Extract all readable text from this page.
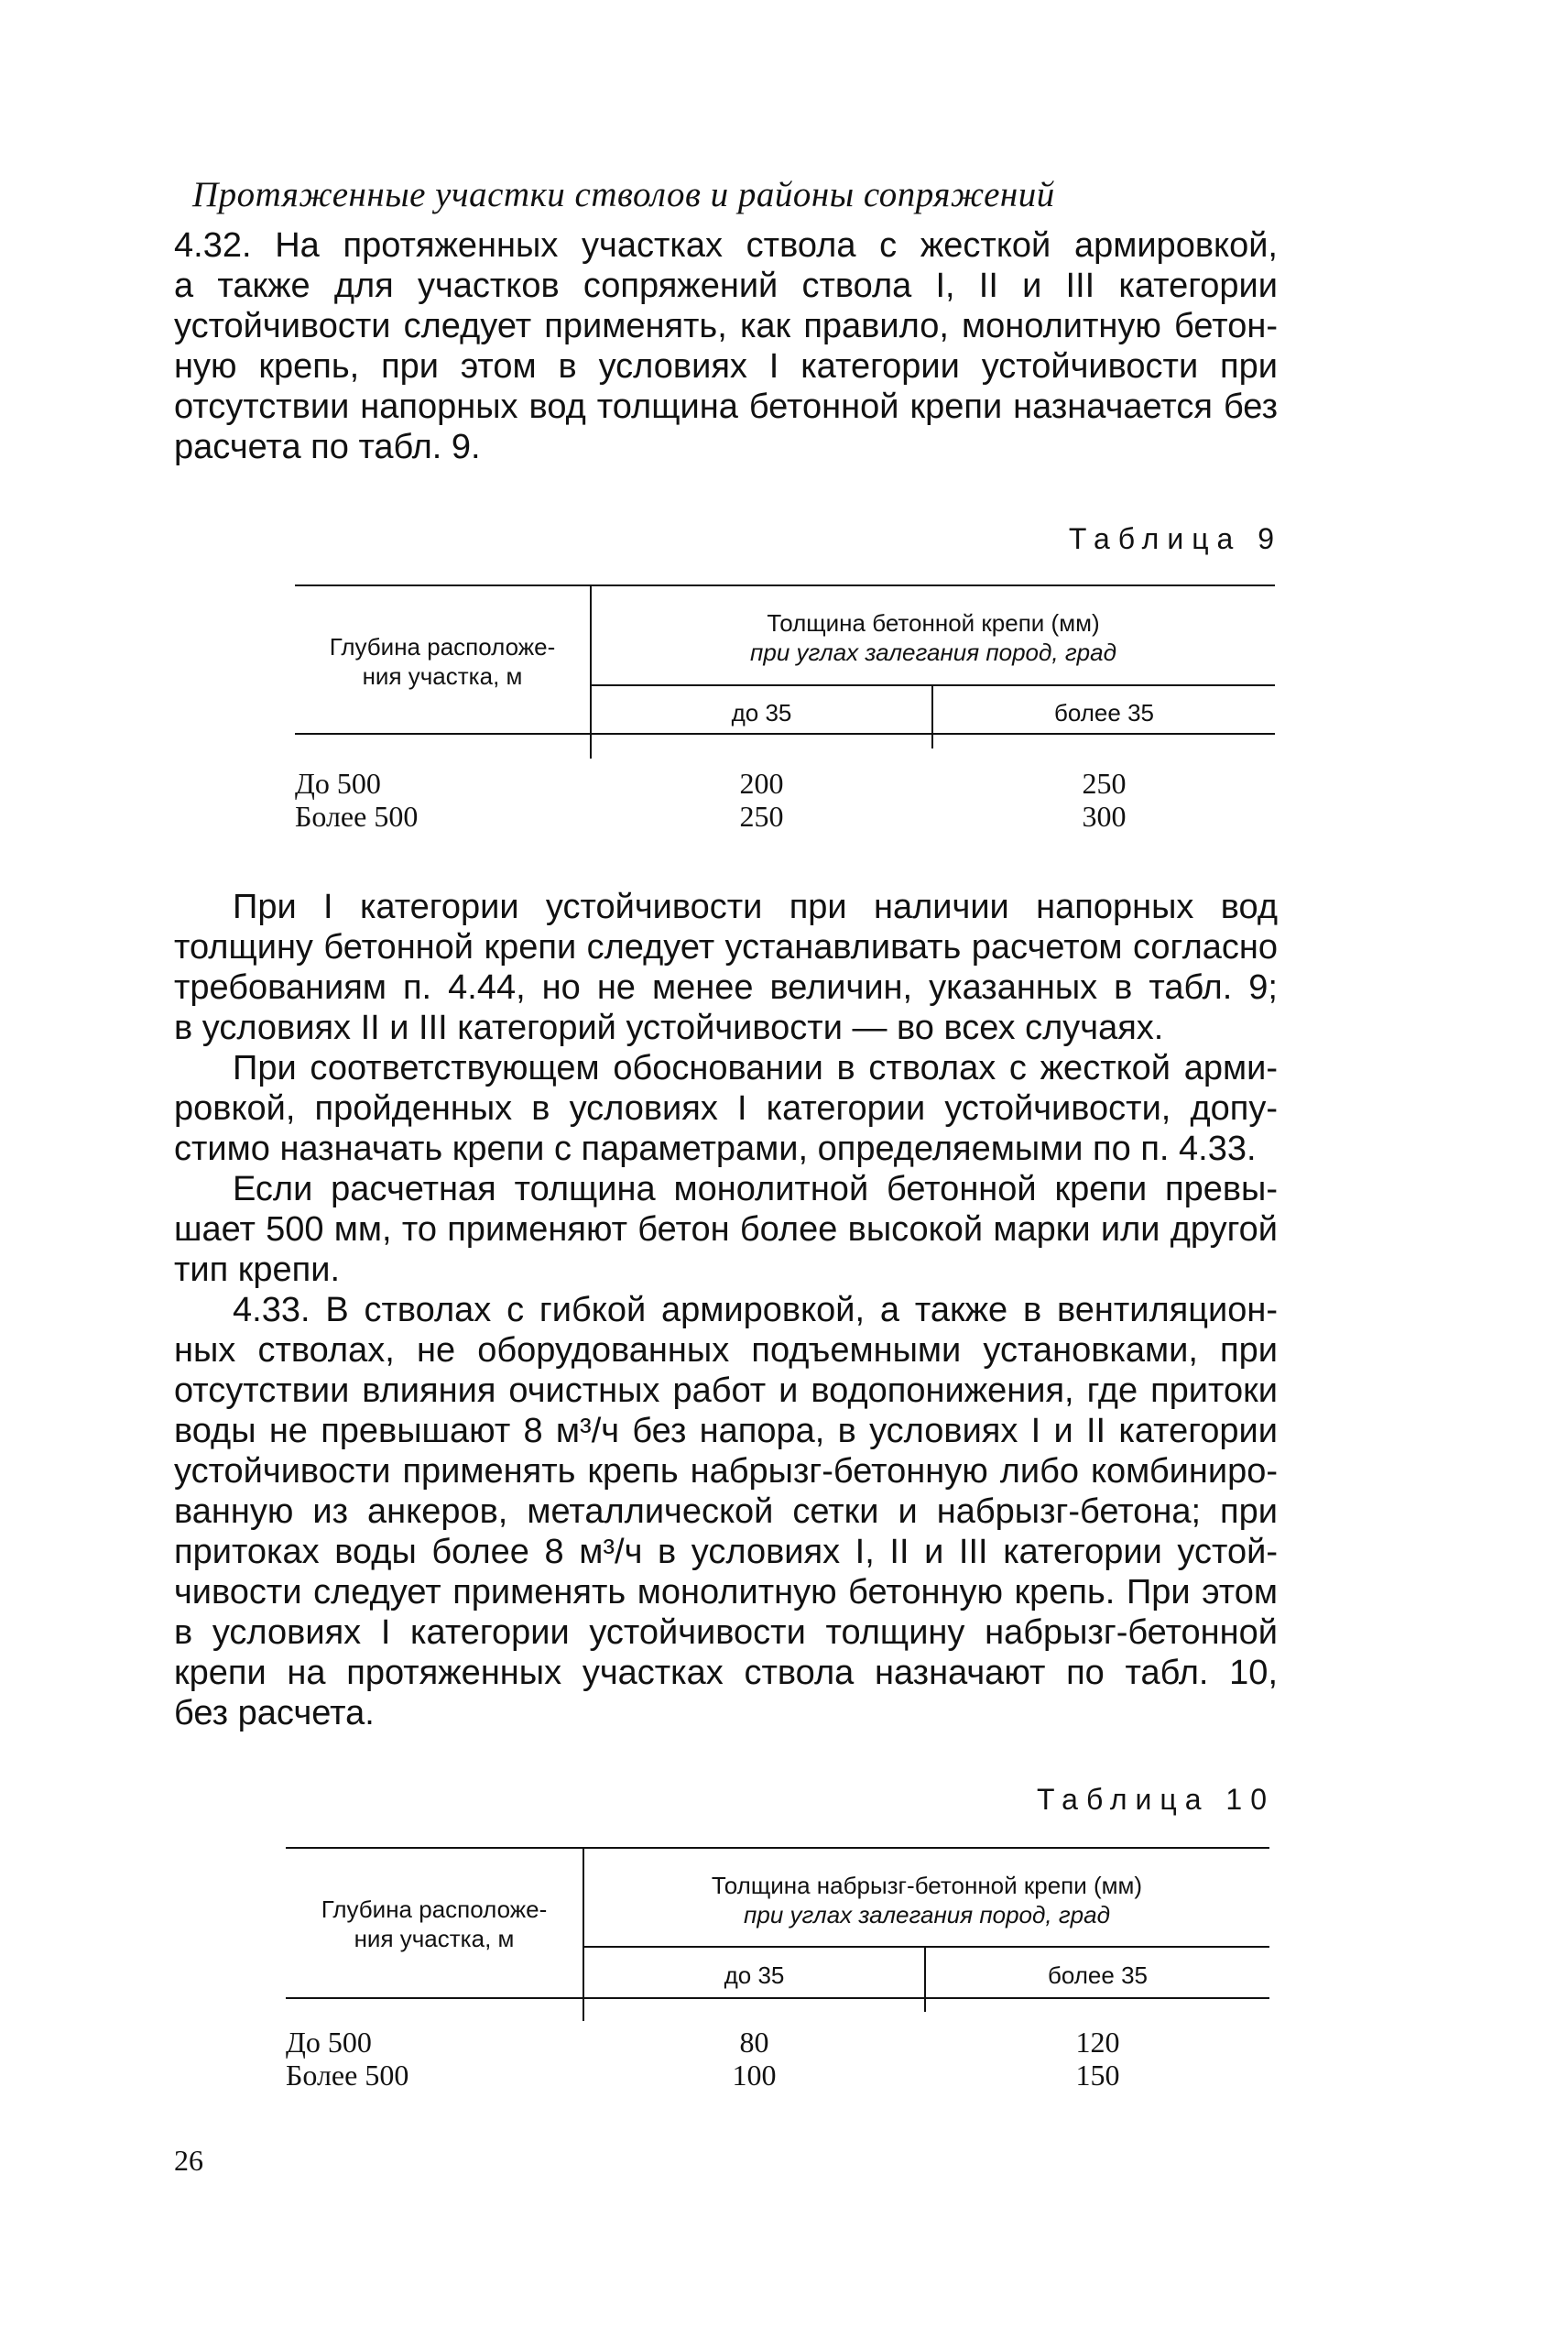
Протяженные участки стволов и районы сопряжений
4.32. На протяженных участках ствола с жесткой армировкой,
а также для участков сопряжений ствола I, II и III категории
устойчивости следует применять, как правило, монолитную бетон-
ную крепь, при этом в условиях I категории устойчивости при
отсутствии напорных вод толщина бетонной крепи назначается без
расчета по табл. 9.
Таблица 9
Глубина расположе-
ния участка, м
Толщина бетонной крепи (мм)
при углах залегания пород, град
до 35	более 35
До 500	200	250
Более 500	250	300
При I категории устойчивости при наличии напорных вод
толщину бетонной крепи следует устанавливать расчетом согласно
требованиям п. 4.44, но не менее величин, указанных в табл. 9;
в условиях II и III категорий устойчивости — во всех случаях.
При соответствующем обосновании в стволах с жесткой арми-
ровкой, пройденных в условиях I категории устойчивости, допу-
стимо назначать крепи с параметрами, определяемыми по п. 4.33.
Если расчетная толщина монолитной бетонной крепи превы-
шает 500 мм, то применяют бетон более высокой марки или другой
тип крепи.
4.33. В стволах с гибкой армировкой, а также в вентиляцион-
ных стволах, не оборудованных подъемными установками, при
отсутствии влияния очистных работ и водопонижения, где притоки
воды не превышают 8 м³/ч без напора, в условиях I и II категории
устойчивости применять крепь набрызг-бетонную либо комбиниро-
ванную из анкеров, металлической сетки и набрызг-бетона; при
притоках воды более 8 м³/ч в условиях I, II и III категории устой-
чивости следует применять монолитную бетонную крепь. При этом
в условиях I категории устойчивости толщину набрызг-бетонной
крепи на протяженных участках ствола назначают по табл. 10,
без расчета.
Таблица 10
Глубина расположе-
ния участка, м
Толщина набрызг-бетонной крепи (мм)
при углах залегания пород, град
до 35	более 35
До 500	80	120
Более 500	100	150
26
